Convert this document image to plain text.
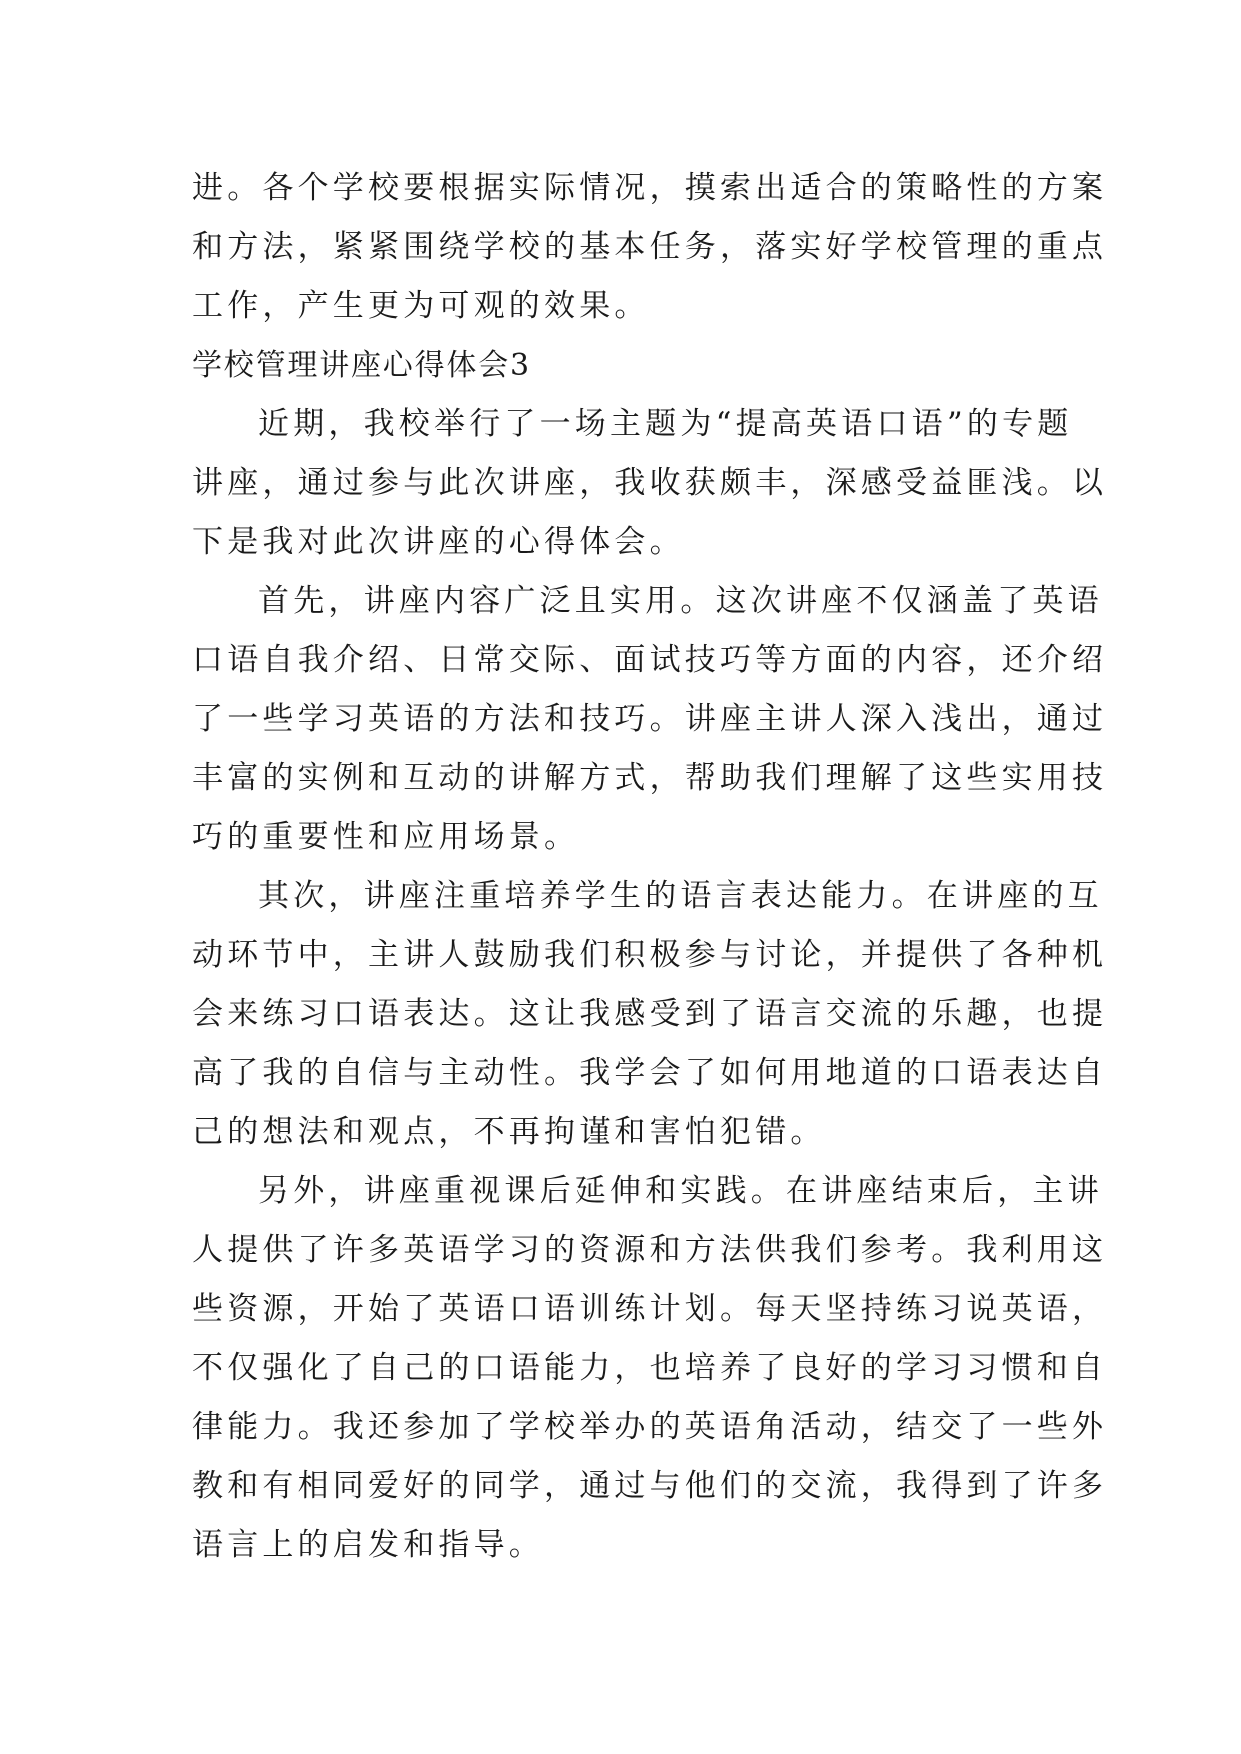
进。各个学校要根据实际情况，摸索出适合的策略性的方案
和方法，紧紧围绕学校的基本任务，落实好学校管理的重点
工作，产生更为可观的效果。
学校管理讲座心得体会3
近期，我校举行了一场主题为“提高英语口语”的专题
讲座，通过参与此次讲座，我收获颇丰，深感受益匪浅。以
下是我对此次讲座的心得体会。
首先，讲座内容广泛且实用。这次讲座不仅涵盖了英语
口语自我介绍、日常交际、面试技巧等方面的内容，还介绍
了一些学习英语的方法和技巧。讲座主讲人深入浅出，通过
丰富的实例和互动的讲解方式，帮助我们理解了这些实用技
巧的重要性和应用场景。
其次，讲座注重培养学生的语言表达能力。在讲座的互
动环节中，主讲人鼓励我们积极参与讨论，并提供了各种机
会来练习口语表达。这让我感受到了语言交流的乐趣，也提
高了我的自信与主动性。我学会了如何用地道的口语表达自
己的想法和观点，不再拘谨和害怕犯错。
另外，讲座重视课后延伸和实践。在讲座结束后，主讲
人提供了许多英语学习的资源和方法供我们参考。我利用这
些资源，开始了英语口语训练计划。每天坚持练习说英语，
不仅强化了自己的口语能力，也培养了良好的学习习惯和自
律能力。我还参加了学校举办的英语角活动，结交了一些外
教和有相同爱好的同学，通过与他们的交流，我得到了许多
语言上的启发和指导。
